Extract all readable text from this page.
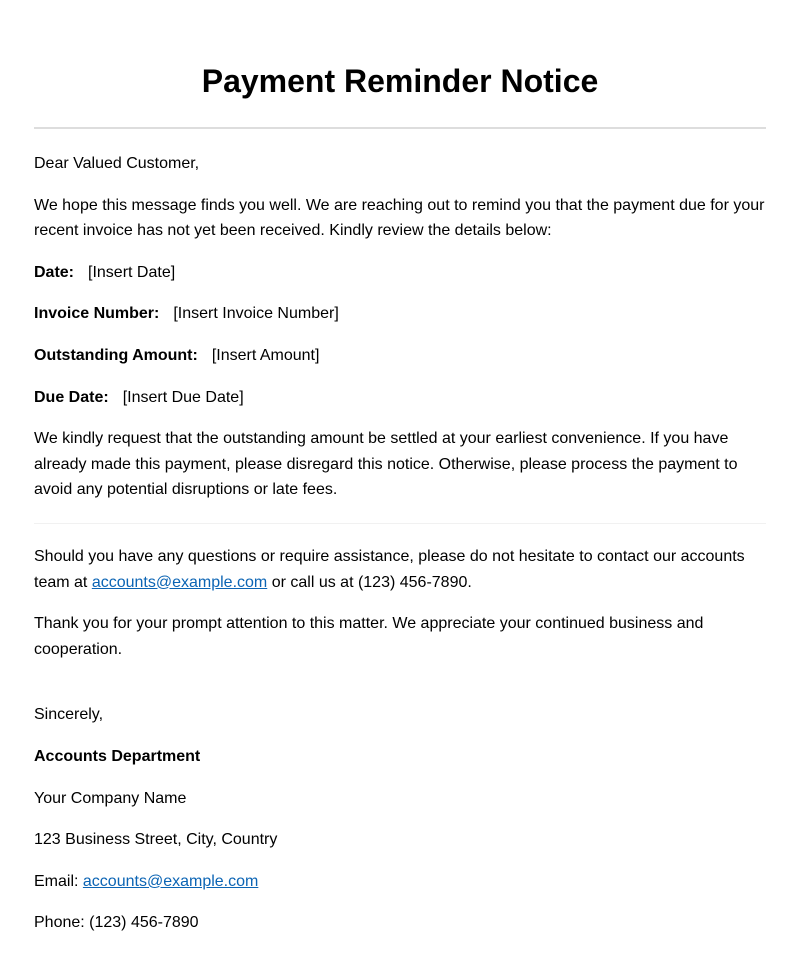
Payment Reminder Notice

Dear Valued Customer,

We hope this message finds you well. We are reaching out to remind you that the payment due for your recent invoice has not yet been received. Kindly review the details below:

Date: [Insert Date]

Invoice Number: [Insert Invoice Number]

Outstanding Amount: [Insert Amount]

Due Date: [Insert Due Date]

We kindly request that the outstanding amount be settled at your earliest convenience. If you have already made this payment, please disregard this notice. Otherwise, please process the payment to avoid any potential disruptions or late fees.

Should you have any questions or require assistance, please do not hesitate to contact our accounts team at accounts@example.com or call us at (123) 456-7890.

Thank you for your prompt attention to this matter. We appreciate your continued business and cooperation.

Sincerely,

Accounts Department

Your Company Name

123 Business Street, City, Country

Email: accounts@example.com

Phone: (123) 456-7890
